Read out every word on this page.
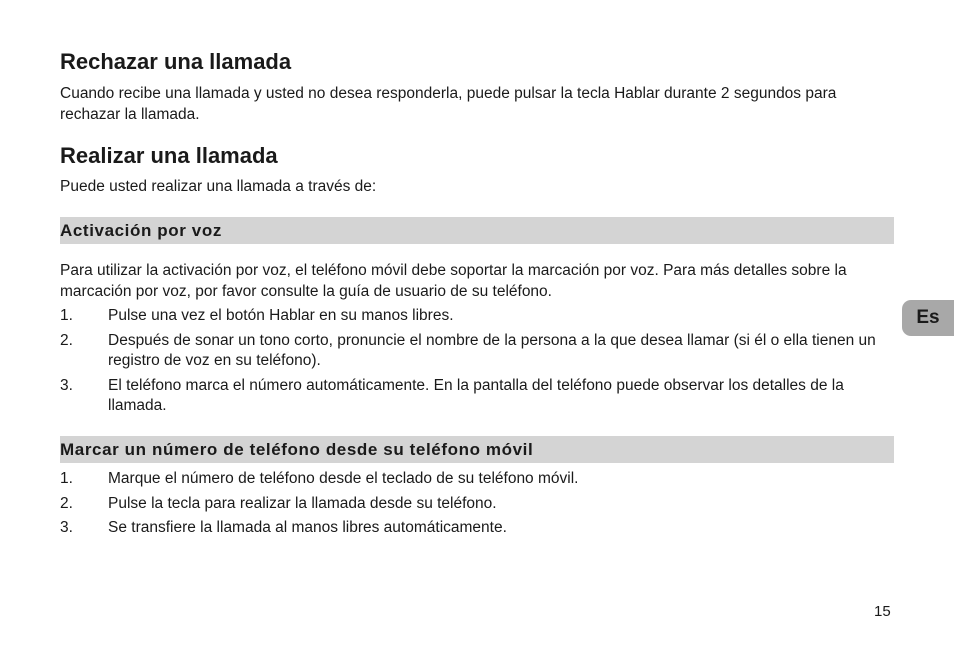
Rechazar una llamada

Cuando recibe una llamada y usted no desea responderla, puede pulsar la tecla Hablar durante 2 segundos para rechazar la llamada.

Realizar una llamada

Puede usted realizar una llamada a través de:

Activación por voz

Para utilizar la activación por voz, el teléfono móvil debe soportar la marcación por voz. Para más detalles sobre la marcación por voz, por favor consulte la guía de usuario de su teléfono.

1. Pulse una vez el botón Hablar en su manos libres.
2. Después de sonar un tono corto, pronuncie el nombre de la persona a la que desea llamar (si él o ella tienen un registro de voz en su teléfono).
3. El teléfono marca el número automáticamente. En la pantalla del teléfono puede observar los detalles de la llamada.
Marcar un número de teléfono desde su teléfono móvil
1. Marque el número de teléfono desde el teclado de su teléfono móvil.
2. Pulse la tecla para realizar la llamada desde su teléfono.
3. Se transfiere la llamada al manos libres automáticamente.
Es
15
